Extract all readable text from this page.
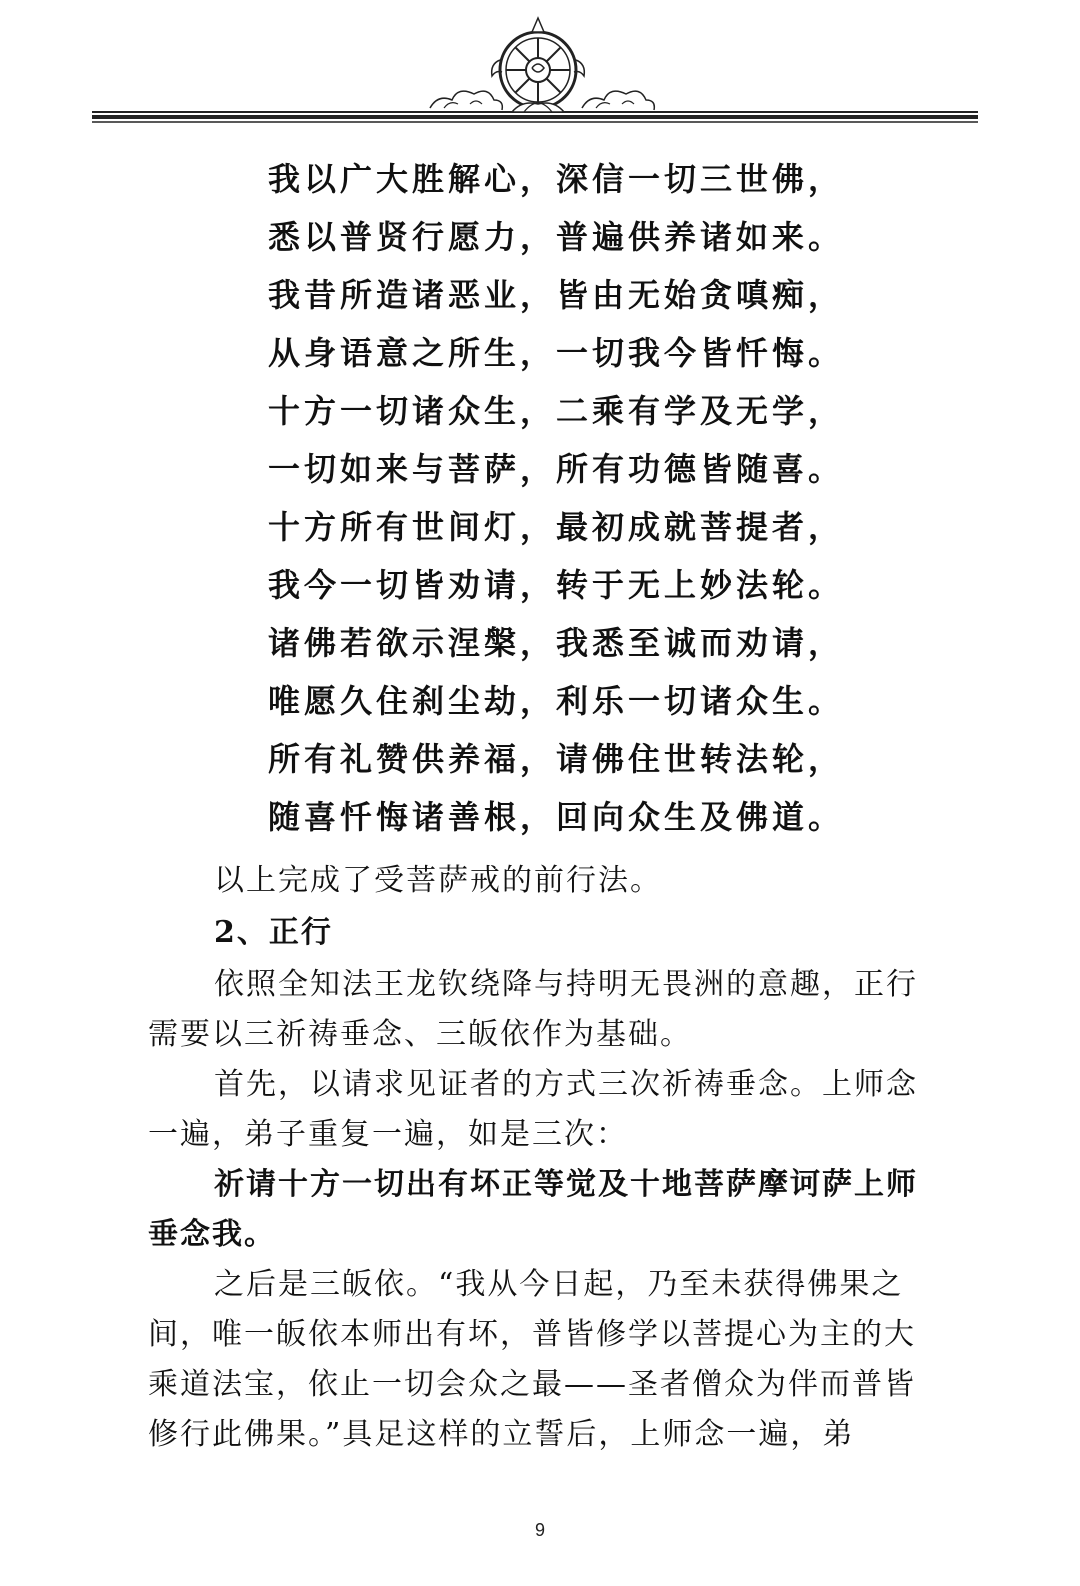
我以广大胜解心，深信一切三世佛，
悉以普贤行愿力，普遍供养诸如来。
我昔所造诸恶业，皆由无始贪嗔痴，
从身语意之所生，一切我今皆忏悔。
十方一切诸众生，二乘有学及无学，
一切如来与菩萨，所有功德皆随喜。
十方所有世间灯，最初成就菩提者，
我今一切皆劝请，转于无上妙法轮。
诸佛若欲示涅槃，我悉至诚而劝请，
唯愿久住刹尘劫，利乐一切诸众生。
所有礼赞供养福，请佛住世转法轮，
随喜忏悔诸善根，回向众生及佛道。

以上完成了受菩萨戒的前行法。

2、正行

依照全知法王龙钦绕降与持明无畏洲的意趣，正行需要以三祈祷垂念、三皈依作为基础。

首先，以请求见证者的方式三次祈祷垂念。上师念一遍，弟子重复一遍，如是三次：

祈请十方一切出有坏正等觉及十地菩萨摩诃萨上师垂念我。

之后是三皈依。“我从今日起，乃至未获得佛果之间，唯一皈依本师出有坏，普皆修学以菩提心为主的大乘道法宝，依止一切会众之最——圣者僧众为伴而普皆修行此佛果。”具足这样的立誓后，上师念一遍，弟

9
